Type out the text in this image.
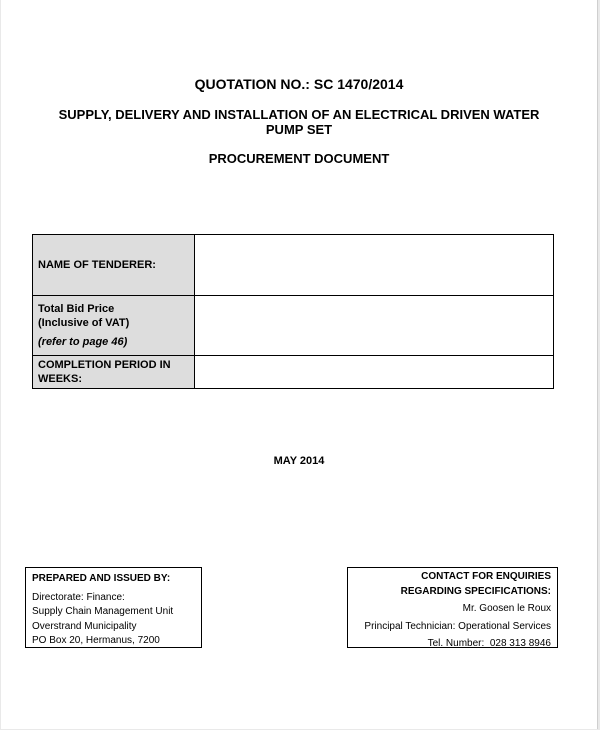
QUOTATION NO.: SC 1470/2014
SUPPLY, DELIVERY AND INSTALLATION OF AN ELECTRICAL DRIVEN WATER
PUMP SET
PROCUREMENT DOCUMENT
NAME OF TENDERER:	

Total Bid Price
(Inclusive of VAT)
(refer to page 46)	

COMPLETION PERIOD IN
WEEKS:	

MAY 2014
PREPARED AND ISSUED BY:
Directorate: Finance:
Supply Chain Management Unit
Overstrand Municipality
PO Box 20, Hermanus, 7200
CONTACT FOR ENQUIRIES
REGARDING SPECIFICATIONS:
Mr. Goosen le Roux
Principal Technician: Operational Services
Tel. Number:  028 313 8946
